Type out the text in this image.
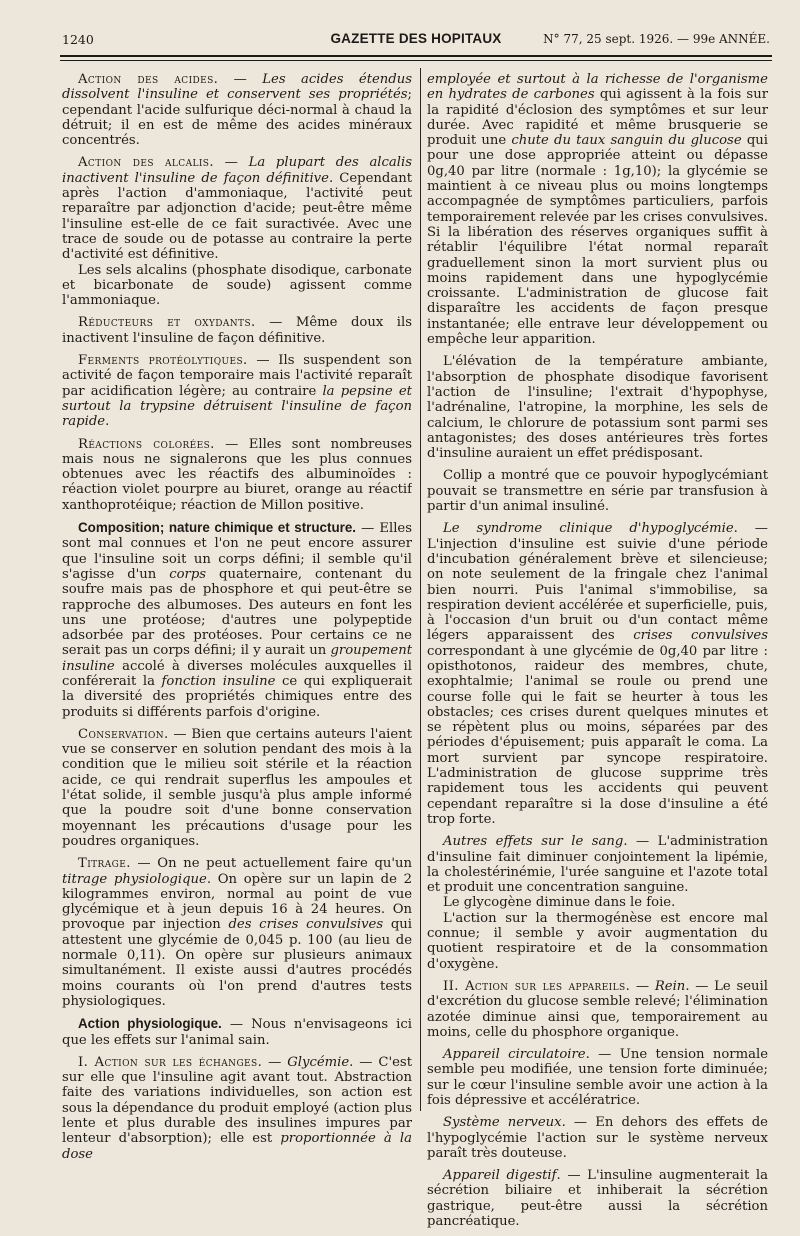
1240	GAZETTE DES HOPITAUX	N° 77, 25 sept. 1926. — 99e ANNÉE.

Action des acides. — Les acides étendus dissolvent l'insuline et conservent ses propriétés; cependant l'acide sulfurique déci-normal à chaud la détruit; il en est de même des acides minéraux concentrés.

Action des alcalis. — La plupart des alcalis inactivent l'insuline de façon définitive. Cependant après l'action d'ammoniaque, l'activité peut reparaître par adjonction d'acide; peut-être même l'insuline est-elle de ce fait suractivée. Avec une trace de soude ou de potasse au contraire la perte d'activité est définitive.

Les sels alcalins (phosphate disodique, carbonate et bicarbonate de soude) agissent comme l'ammoniaque.

Réducteurs et oxydants. — Même doux ils inactivent l'insuline de façon définitive.

Ferments protéolytiques. — Ils suspendent son activité de façon temporaire mais l'activité reparaît par acidification légère; au contraire la pepsine et surtout la trypsine détruisent l'insuline de façon rapide.

Réactions colorées. — Elles sont nombreuses mais nous ne signalerons que les plus connues obtenues avec les réactifs des albuminoïdes : réaction violet pourpre au biuret, orange au réactif xanthoprotéique; réaction de Millon positive.

Composition; nature chimique et structure. — Elles sont mal connues et l'on ne peut encore assurer que l'insuline soit un corps défini; il semble qu'il s'agisse d'un corps quaternaire, contenant du soufre mais pas de phosphore et qui peut-être se rapproche des albumoses. Des auteurs en font les uns une protéose; d'autres une polypeptide adsorbée par des protéoses. Pour certains ce ne serait pas un corps défini; il y aurait un groupement insuline accolé à diverses molécules auxquelles il conférerait la fonction insuline ce qui expliquerait la diversité des propriétés chimiques entre des produits si différents parfois d'origine.

Conservation. — Bien que certains auteurs l'aient vue se conserver en solution pendant des mois à la condition que le milieu soit stérile et la réaction acide, ce qui rendrait superflus les ampoules et l'état solide, il semble jusqu'à plus ample informé que la poudre soit d'une bonne conservation moyennant les précautions d'usage pour les poudres organiques.

Titrage. — On ne peut actuellement faire qu'un titrage physiologique. On opère sur un lapin de 2 kilogrammes environ, normal au point de vue glycémique et à jeun depuis 16 à 24 heures. On provoque par injection des crises convulsives qui attestent une glycémie de 0,045 p. 100 (au lieu de normale 0,11). On opère sur plusieurs animaux simultanément. Il existe aussi d'autres procédés moins courants où l'on prend d'autres tests physiologiques.

Action physiologique. — Nous n'envisageons ici que les effets sur l'animal sain.

I. Action sur les échanges. — Glycémie. — C'est sur elle que l'insuline agit avant tout. Abstraction faite des variations individuelles, son action est sous la dépendance du produit employé (action plus lente et plus durable des insulines impures par lenteur d'absorption); elle est proportionnée à la dose

employée et surtout à la richesse de l'organisme en hydrates de carbones qui agissent à la fois sur la rapidité d'éclosion des symptômes et sur leur durée. Avec rapidité et même brusquerie se produit une chute du taux sanguin du glucose qui pour une dose appropriée atteint ou dépasse 0g,40 par litre (normale : 1g,10); la glycémie se maintient à ce niveau plus ou moins longtemps accompagnée de symptômes particuliers, parfois temporairement relevée par les crises convulsives. Si la libération des réserves organiques suffit à rétablir l'équilibre l'état normal reparaît graduellement sinon la mort survient plus ou moins rapidement dans une hypoglycémie croissante. L'administration de glucose fait disparaître les accidents de façon presque instantanée; elle entrave leur développement ou empêche leur apparition.

L'élévation de la température ambiante, l'absorption de phosphate disodique favorisent l'action de l'insuline; l'extrait d'hypophyse, l'adrénaline, l'atropine, la morphine, les sels de calcium, le chlorure de potassium sont parmi ses antagonistes; des doses antérieures très fortes d'insuline auraient un effet prédisposant.

Collip a montré que ce pouvoir hypoglycémiant pouvait se transmettre en série par transfusion à partir d'un animal insuliné.

Le syndrome clinique d'hypoglycémie. — L'injection d'insuline est suivie d'une période d'incubation généralement brève et silencieuse; on note seulement de la fringale chez l'animal bien nourri. Puis l'animal s'immobilise, sa respiration devient accélérée et superficielle, puis, à l'occasion d'un bruit ou d'un contact même légers apparaissent des crises convulsives correspondant à une glycémie de 0g,40 par litre : opisthotonos, raideur des membres, chute, exophtalmie; l'animal se roule ou prend une course folle qui le fait se heurter à tous les obstacles; ces crises durent quelques minutes et se répètent plus ou moins, séparées par des périodes d'épuisement; puis apparaît le coma. La mort survient par syncope respiratoire. L'administration de glucose supprime très rapidement tous les accidents qui peuvent cependant reparaître si la dose d'insuline a été trop forte.

Autres effets sur le sang. — L'administration d'insuline fait diminuer conjointement la lipémie, la cholestérinémie, l'urée sanguine et l'azote total et produit une concentration sanguine.

Le glycogène diminue dans le foie.

L'action sur la thermogénèse est encore mal connue; il semble y avoir augmentation du quotient respiratoire et de la consommation d'oxygène.

II. Action sur les appareils. — Rein. — Le seuil d'excrétion du glucose semble relevé; l'élimination azotée diminue ainsi que, temporairement au moins, celle du phosphore organique.

Appareil circulatoire. — Une tension normale semble peu modifiée, une tension forte diminuée; sur le cœur l'insuline semble avoir une action à la fois dépressive et accélératrice.

Système nerveux. — En dehors des effets de l'hypoglycémie l'action sur le système nerveux paraît très douteuse.

Appareil digestif. — L'insuline augmenterait la sécrétion biliaire et inhiberait la sécrétion gastrique, peut-être aussi la sécrétion pancréatique.
